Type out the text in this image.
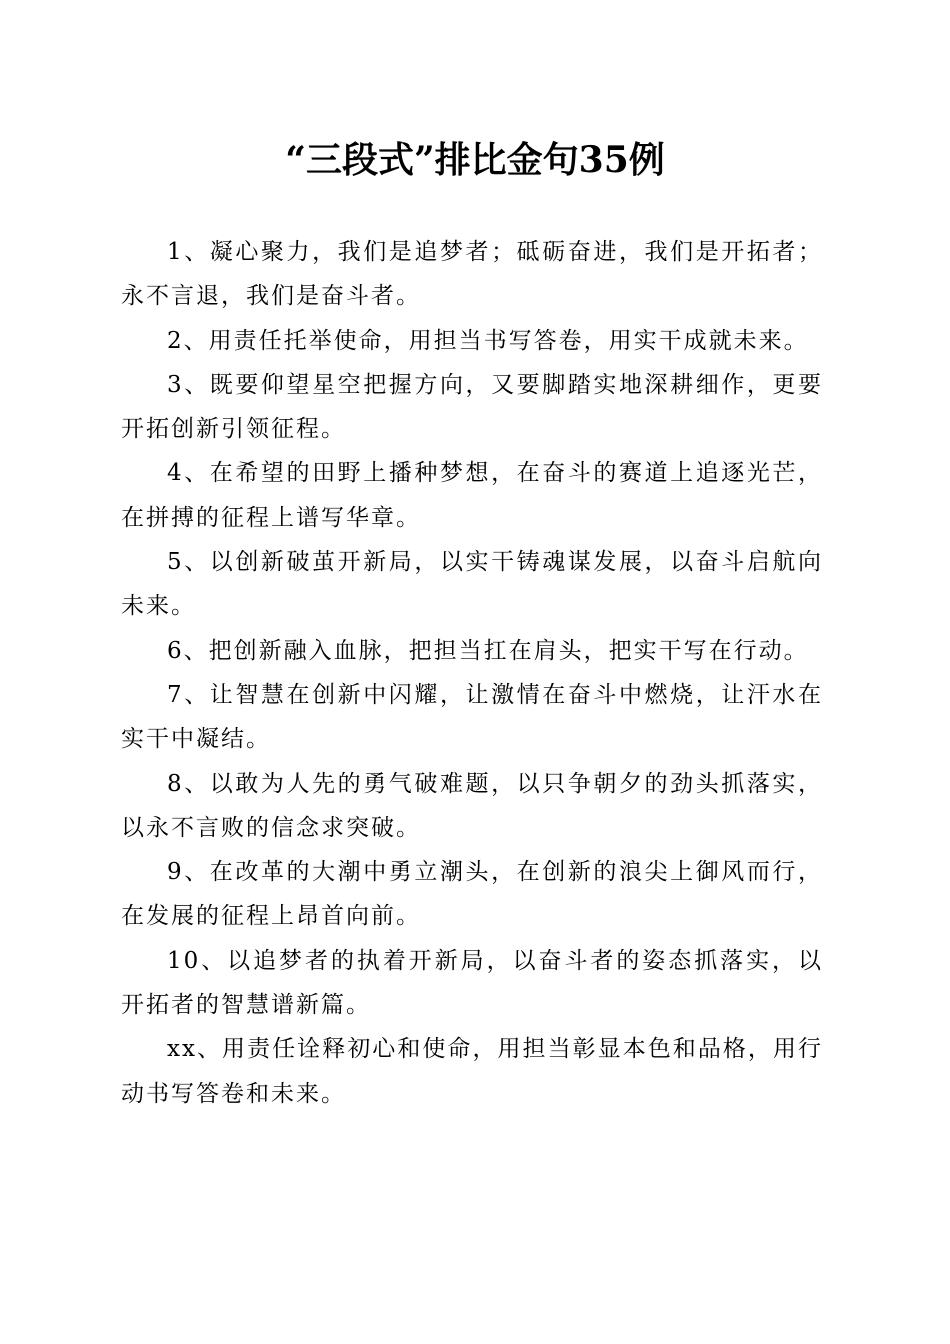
“三段式”排比金句35例

1、凝心聚力，我们是追梦者；砥砺奋进，我们是开拓者；永不言退，我们是奋斗者。

2、用责任托举使命，用担当书写答卷，用实干成就未来。

3、既要仰望星空把握方向，又要脚踏实地深耕细作，更要开拓创新引领征程。

4、在希望的田野上播种梦想，在奋斗的赛道上追逐光芒，在拼搏的征程上谱写华章。

5、以创新破茧开新局，以实干铸魂谋发展，以奋斗启航向未来。

6、把创新融入血脉，把担当扛在肩头，把实干写在行动。

7、让智慧在创新中闪耀，让激情在奋斗中燃烧，让汗水在实干中凝结。

8、以敢为人先的勇气破难题，以只争朝夕的劲头抓落实，以永不言败的信念求突破。

9、在改革的大潮中勇立潮头，在创新的浪尖上御风而行，在发展的征程上昂首向前。

10、以追梦者的执着开新局，以奋斗者的姿态抓落实，以开拓者的智慧谱新篇。

xx、用责任诠释初心和使命，用担当彰显本色和品格，用行动书写答卷和未来。
